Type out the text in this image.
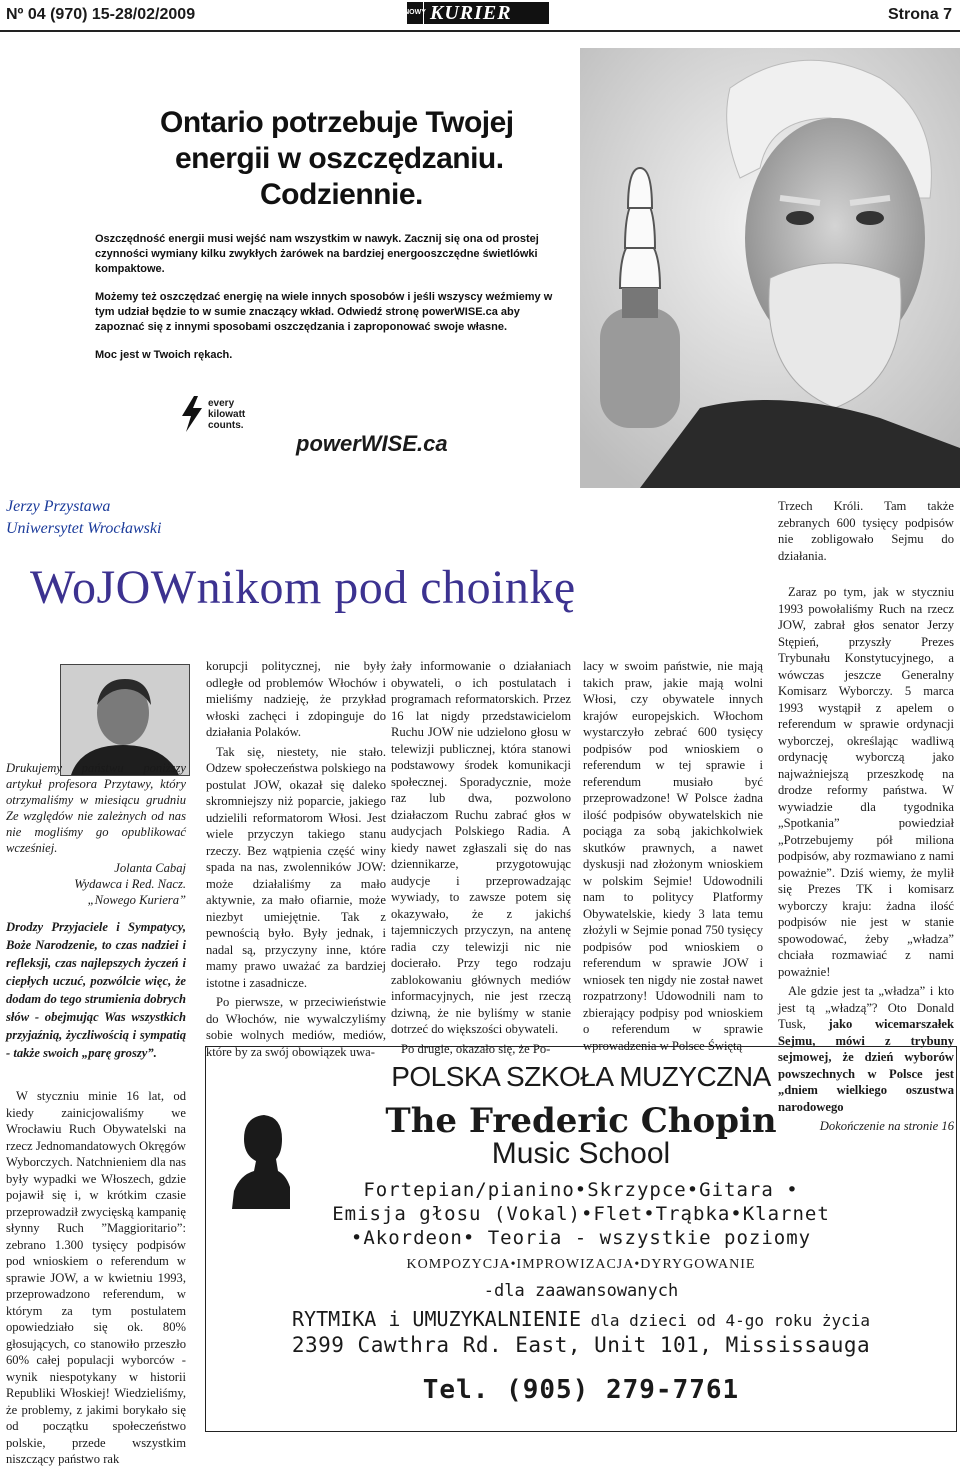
Nº 04 (970) 15-28/02/2009	NOWY KURIER	Strona 7
Ontario potrzebuje Twojej
energii w oszczędzaniu.
Codziennie.
Oszczędność energii musi wejść nam wszystkim w nawyk. Zacznij się ona od prostej
czynności wymiany kilku zwykłych żarówek na bardziej energooszczędne świetlówki
kompaktowe.
Możemy też oszczędzać energię na wiele innych sposobów i jeśli wszyscy weźmiemy w
tym udział będzie to w sumie znaczący wkład. Odwiedź stronę powerWISE.ca aby
zapoznać się z innymi sposobami oszczędzania i zaproponować swoje własne.
Moc jest w Twoich rękach.
every
kilowatt
counts.
powerWISE.ca
Jerzy Przystawa
Uniwersytet Wrocławski
WoJOWnikom pod choinkę
Drukujemy państwu poniższy artykuł profesora Przytawy, który otrzymaliśmy w miesiącu grudniu Ze względów nie zależnych od nas nie mogliśmy go opublikować wcześniej.
Jolanta Cabaj
Wydawca i Red. Nacz.
„Nowego Kuriera”
Drodzy Przyjaciele i Sympatycy, Boże Narodzenie, to czas nadziei i refleksji, czas najlepszych życzeń i ciepłych uczuć, pozwólcie więc, że dodam do tego strumienia dobrych słów - obejmując Was wszystkich przyjaźnią, życzliwością i sympatią - także swoich „parę groszy”.

W styczniu minie 16 lat, od kiedy zainicjowaliśmy we Wrocławiu Ruch Obywatelski na rzecz Jednomandatowych Okręgów Wyborczych. Natchnieniem dla nas były wypadki we Włoszech, gdzie pojawił się i, w krótkim czasie przeprowadził zwycięską kampanię słynny Ruch ”Maggioritario”: zebrano 1.300 tysięcy podpisów pod wnioskiem o referendum w sprawie JOW, a w kwietniu 1993, przeprowadzono referendum, w którym za tym postulatem opowiedziało się ok. 80% głosujących, co stanowiło przeszło 60% całej populacji wyborców - wynik niespotykany w historii Republiki Włoskiej! Wiedzieliśmy, że problemy, z jakimi borykało się od początku społeczeństwo polskie, przede wszystkim niszczący państwo rak

korupcji politycznej, nie były odległe od problemów Włochów i mieliśmy nadzieję, że przykład włoski zachęci i zdopinguje do działania Polaków.

Tak się, niestety, nie stało. Odzew społeczeństwa polskiego na postulat JOW, okazał się daleko skromniejszy niż poparcie, jakiego udzielili reformatorom Włosi. Jest wiele przyczyn takiego stanu rzeczy. Bez wątpienia część winy spada na nas, zwolenników JOW: może działaliśmy za mało aktywnie, za mało ofiarnie, może niezbyt umiejętnie. Tak z pewnością było. Były jednak, i nadal są, przyczyny inne, które mamy prawo uważać za bardziej istotne i zasadnicze.

Po pierwsze, w przeciwieństwie do Włochów, nie wywalczyliśmy sobie wolnych mediów, mediów, które by za swój obowiązek uwa-

żały informowanie o działaniach obywateli, o ich postulatach i programach reformatorskich. Przez 16 lat nigdy przedstawicielom Ruchu JOW nie udzielono głosu w telewizji publicznej, która stanowi podstawowy środek komunikacji społecznej. Sporadycznie, może raz lub dwa, pozwolono działaczom Ruchu zabrać głos w audycjach Polskiego Radia. A kiedy nawet zgłaszali się do nas dziennikarze, przygotowując audycje i przeprowadzając wywiady, to zawsze potem się okazywało, że z jakichś tajemniczych przyczyn, na antenę radia czy telewizji nic nie docierało. Przy tego rodzaju zablokowaniu głównych mediów informacyjnych, nie jest rzeczą dziwną, że nie byliśmy w stanie dotrzeć do większości obywateli.

Po drugie, okazało się, że Po-

lacy w swoim państwie, nie mają takich praw, jakie mają wolni Włosi, czy obywatele innych krajów europejskich. Włochom wystarczyło zebrać 600 tysięcy podpisów pod wnioskiem o referendum w tej sprawie i referendum musiało być przeprowadzone! W Polsce żadna ilość podpisów obywatelskich nie pociąga za sobą jakichkolwiek skutków prawnych, a nawet dyskusji nad złożonym wnioskiem w polskim Sejmie! Udowodnili nam to politycy Platformy Obywatelskie, kiedy 3 lata temu złożyli w Sejmie ponad 750 tysięcy podpisów pod wnioskiem o referendum w sprawie JOW i wniosek ten nigdy nie został nawet rozpatrzony! Udowodnili nam to zbierający podpisy pod wnioskiem o referendum w sprawie wprowadzenia w Polsce Świętą

Trzech Króli. Tam także zebranych 600 tysięcy podpisów nie zobligowało Sejmu do działania.

Zaraz po tym, jak w styczniu 1993 powołaliśmy Ruch na rzecz JOW, zabrał głos senator Jerzy Stępień, przyszły Prezes Trybunału Konstytucyjnego, a wówczas jeszcze Generalny Komisarz Wyborczy. 5 marca 1993 wystąpił z apelem o referendum w sprawie ordynacji wyborczej, określając wadliwą ordynację wyborczą jako najważniejszą przeszkodę na drodze reformy państwa. W wywiadzie dla tygodnika „Spotkania” powiedział „Potrzebujemy pół miliona podpisów, aby rozmawiano z nami poważnie”. Dziś wiemy, że mylił się Prezes TK i komisarz wyborczy kraju: żadna ilość podpisów nie jest w stanie spowodować, żeby „władza” chciała rozmawiać z nami poważnie!

Ale gdzie jest ta „władza” i kto jest tą „władzą”? Oto Donald Tusk, jako wicemarszałek Sejmu, mówi z trybuny sejmowej, że dzień wyborów powszechnych w Polsce jest „dniem wielkiego oszustwa narodowego

Dokończenie na stronie 16
POLSKA SZKOŁA MUZYCZNA
The Frederic Chopin
Music School
Fortepian/pianino•Skrzypce•Gitara •
Emisja głosu (Vokal)•Flet•Trąbka•Klarnet
•Akordeon• Teoria - wszystkie poziomy
KOMPOZYCJA•IMPROWIZACJA•DYRYGOWANIE
-dla zaawansowanych
RYTMIKA i UMUZYKALNIENIE dla dzieci od 4-go roku życia
2399 Cawthra Rd. East, Unit 101, Mississauga
Tel. (905) 279-7761
